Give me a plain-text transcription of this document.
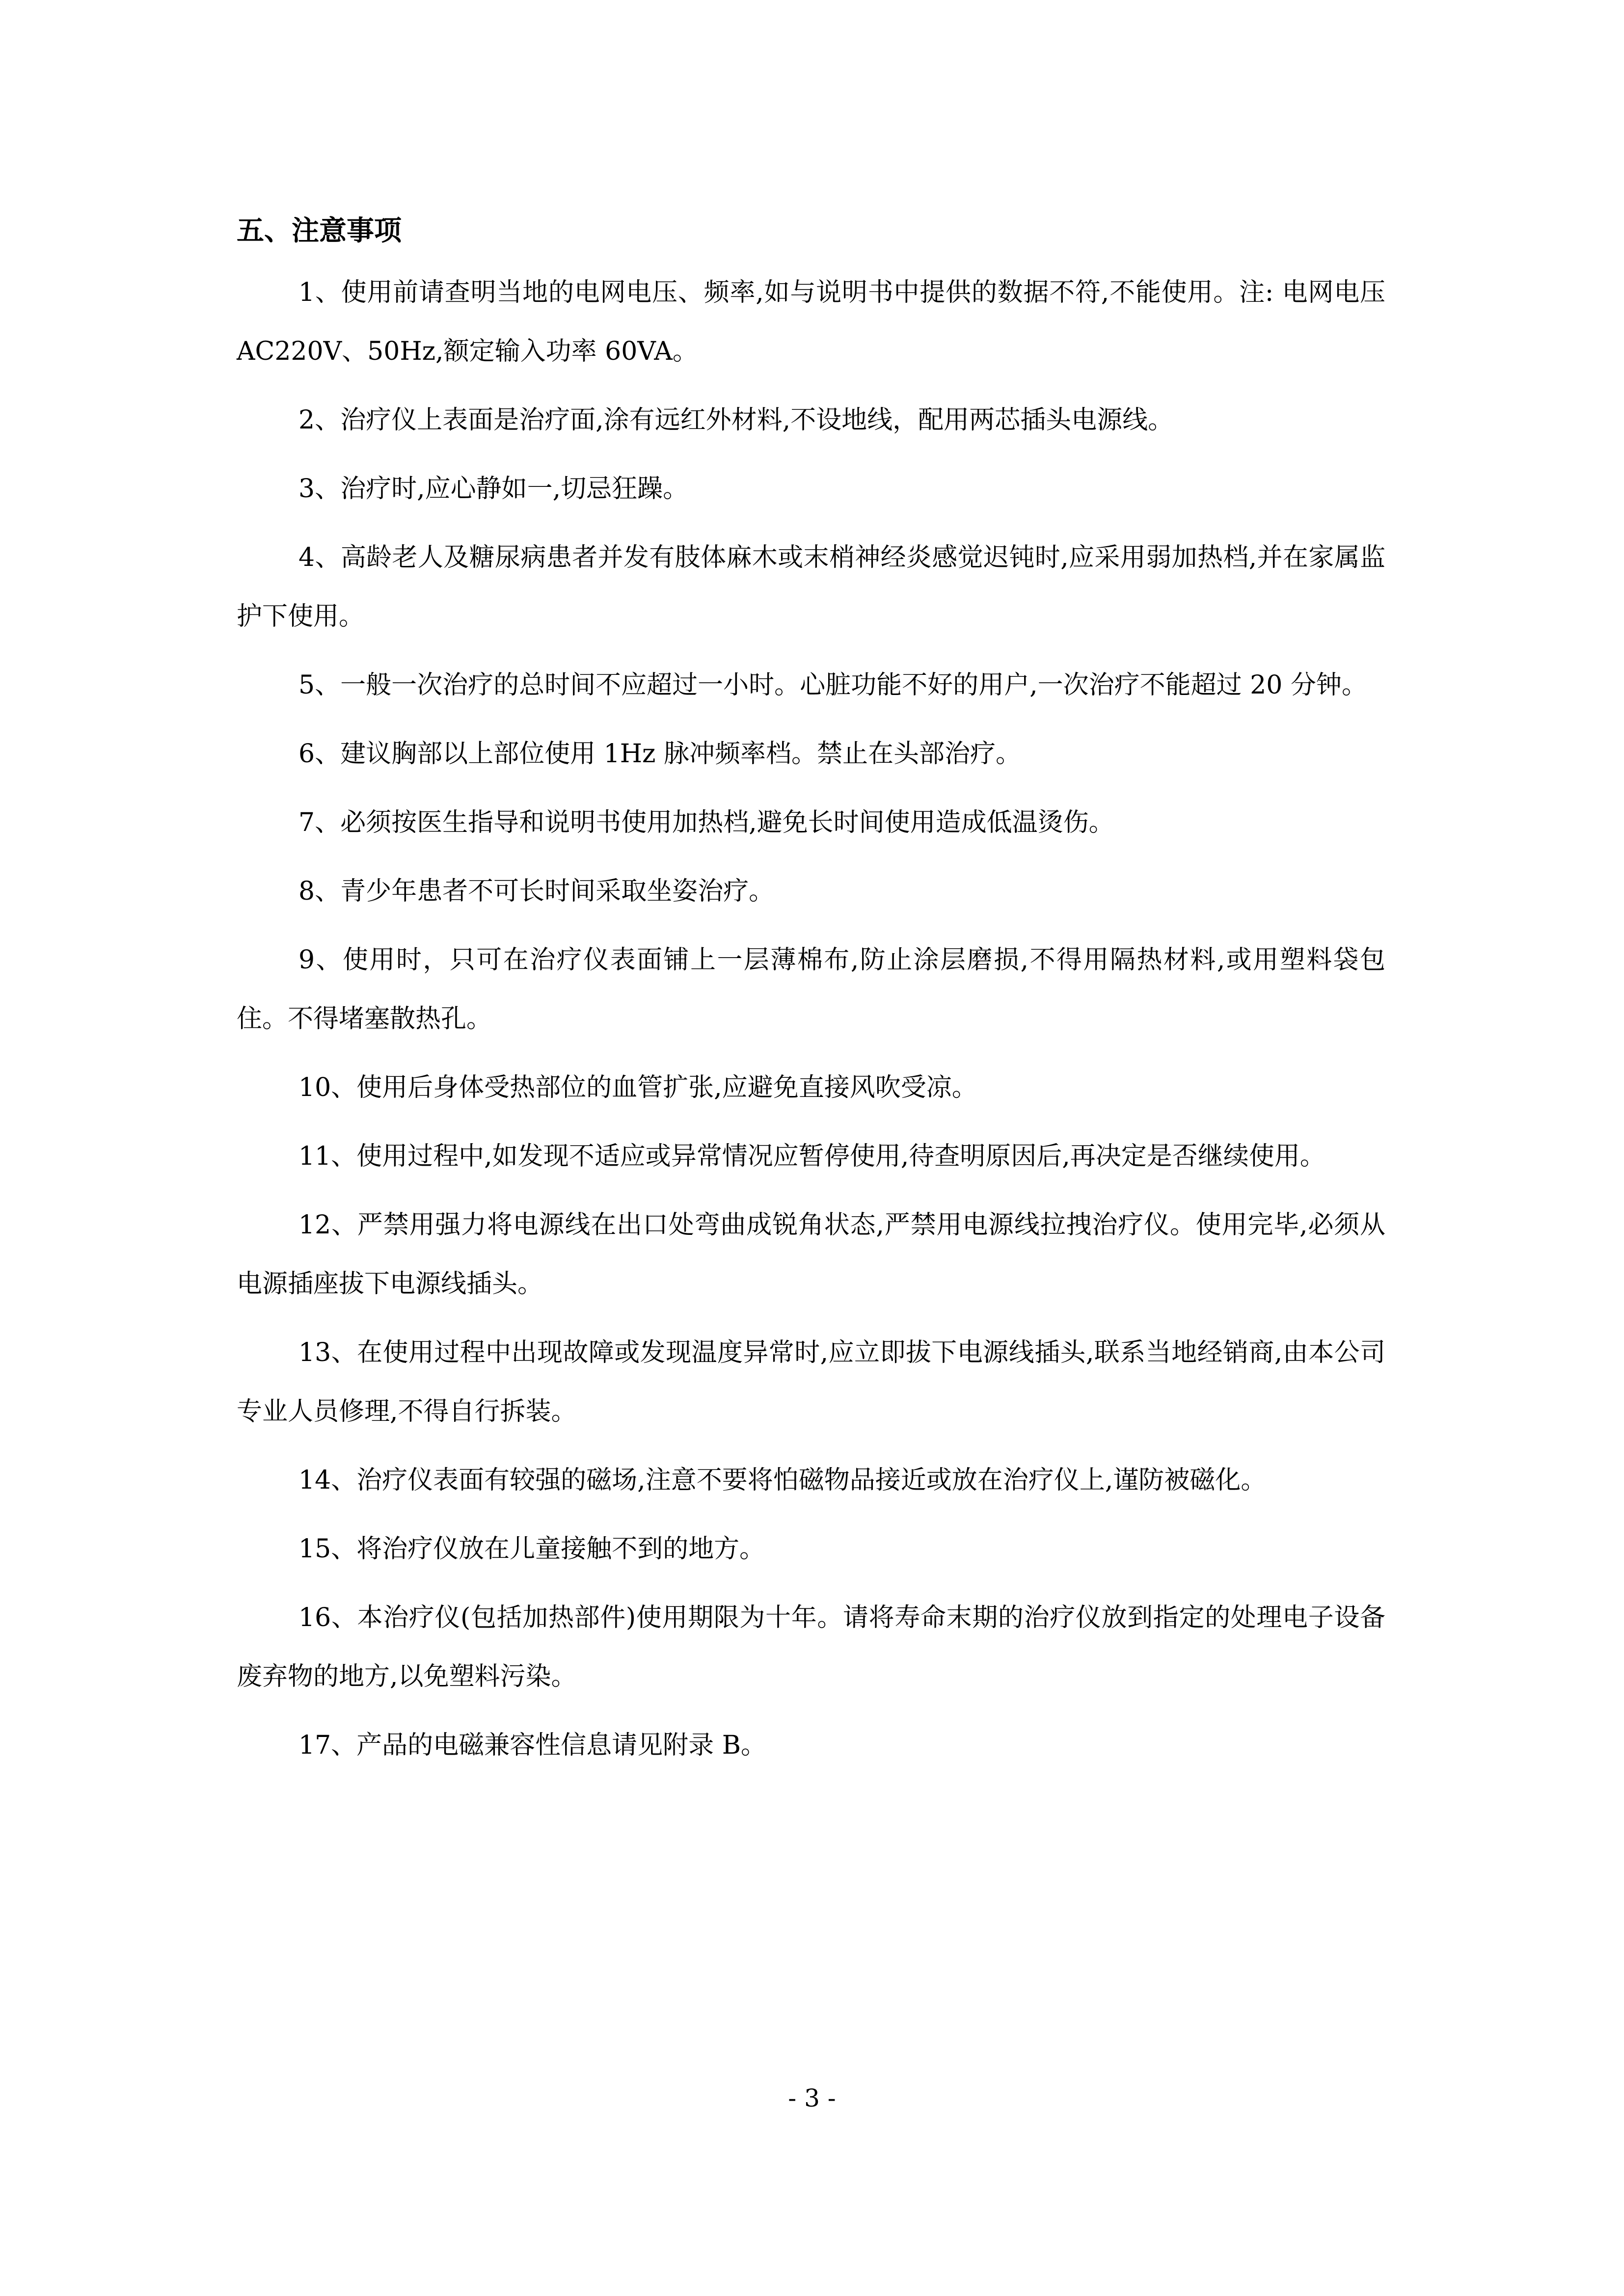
五、注意事项

1、使用前请查明当地的电网电压、频率,如与说明书中提供的数据不符,不能使用。注: 电网电压 AC220V、50Hz,额定输入功率 60VA。

2、治疗仪上表面是治疗面,涂有远红外材料,不设地线，配用两芯插头电源线。

3、治疗时,应心静如一,切忌狂躁。

4、高龄老人及糖尿病患者并发有肢体麻木或末梢神经炎感觉迟钝时,应采用弱加热档,并在家属监护下使用。

5、一般一次治疗的总时间不应超过一小时。心脏功能不好的用户,一次治疗不能超过 20 分钟。

6、建议胸部以上部位使用 1Hz 脉冲频率档。禁止在头部治疗。

7、必须按医生指导和说明书使用加热档,避免长时间使用造成低温烫伤。

8、青少年患者不可长时间采取坐姿治疗。

9、使用时，只可在治疗仪表面铺上一层薄棉布,防止涂层磨损,不得用隔热材料,或用塑料袋包住。不得堵塞散热孔。

10、使用后身体受热部位的血管扩张,应避免直接风吹受凉。

11、使用过程中,如发现不适应或异常情况应暂停使用,待查明原因后,再决定是否继续使用。

12、严禁用强力将电源线在出口处弯曲成锐角状态,严禁用电源线拉拽治疗仪。使用完毕,必须从电源插座拔下电源线插头。

13、在使用过程中出现故障或发现温度异常时,应立即拔下电源线插头,联系当地经销商,由本公司专业人员修理,不得自行拆装。

14、治疗仪表面有较强的磁场,注意不要将怕磁物品接近或放在治疗仪上,谨防被磁化。

15、将治疗仪放在儿童接触不到的地方。

16、本治疗仪(包括加热部件)使用期限为十年。请将寿命末期的治疗仪放到指定的处理电子设备废弃物的地方,以免塑料污染。

17、产品的电磁兼容性信息请见附录 B。

- 3 -
